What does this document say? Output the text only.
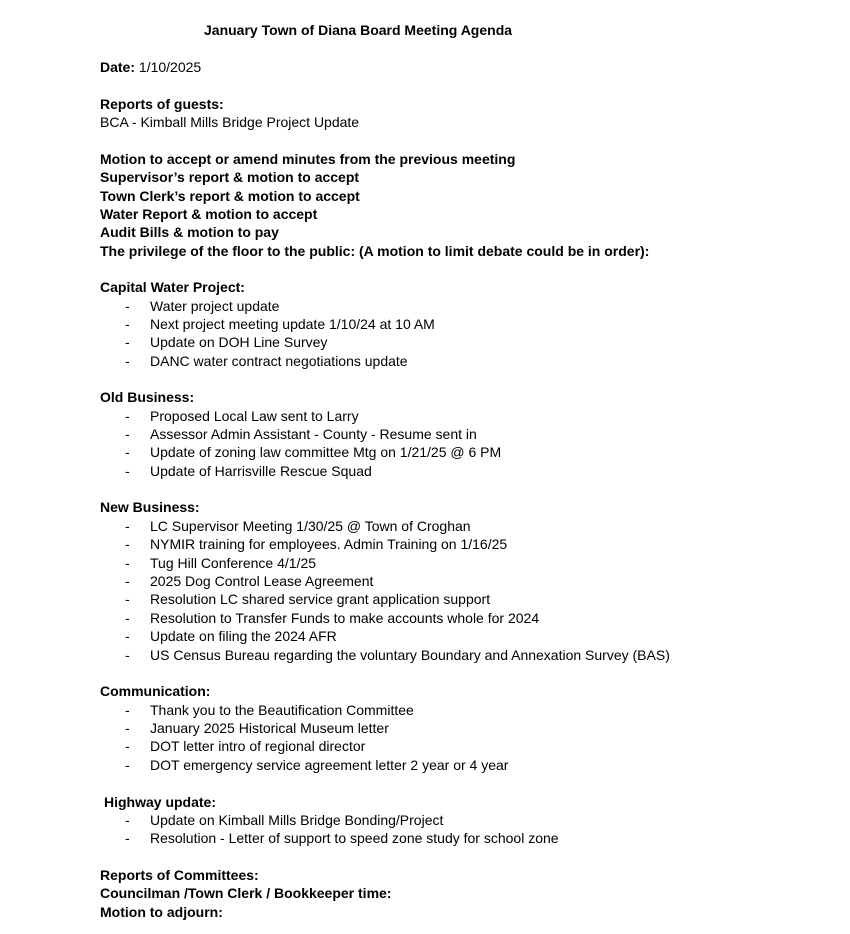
January Town of Diana Board Meeting Agenda
Date: 1/10/2025
Reports of guests:
BCA - Kimball Mills Bridge Project Update
Motion to accept or amend minutes from the previous meeting
Supervisor’s report & motion to accept
Town Clerk’s report & motion to accept
Water Report & motion to accept
Audit Bills & motion to pay
The privilege of the floor to the public: (A motion to limit debate could be in order):
Capital Water Project:
- Water project update
- Next project meeting update 1/10/24 at 10 AM
- Update on DOH Line Survey
- DANC water contract negotiations update
Old Business:
- Proposed Local Law sent to Larry
- Assessor Admin Assistant - County - Resume sent in
- Update of zoning law committee Mtg on 1/21/25 @ 6 PM
- Update of Harrisville Rescue Squad
New Business:
- LC Supervisor Meeting 1/30/25 @ Town of Croghan
- NYMIR training for employees. Admin Training on 1/16/25
- Tug Hill Conference 4/1/25
- 2025 Dog Control Lease Agreement
- Resolution LC shared service grant application support
- Resolution to Transfer Funds to make accounts whole for 2024
- Update on filing the 2024 AFR
- US Census Bureau regarding the voluntary Boundary and Annexation Survey (BAS)
Communication:
- Thank you to the Beautification Committee
- January 2025 Historical Museum letter
- DOT letter intro of regional director
- DOT emergency service agreement letter 2 year or 4 year
Highway update:
- Update on Kimball Mills Bridge Bonding/Project
- Resolution - Letter of support to speed zone study for school zone
Reports of Committees:
Councilman /Town Clerk / Bookkeeper time:
Motion to adjourn:
